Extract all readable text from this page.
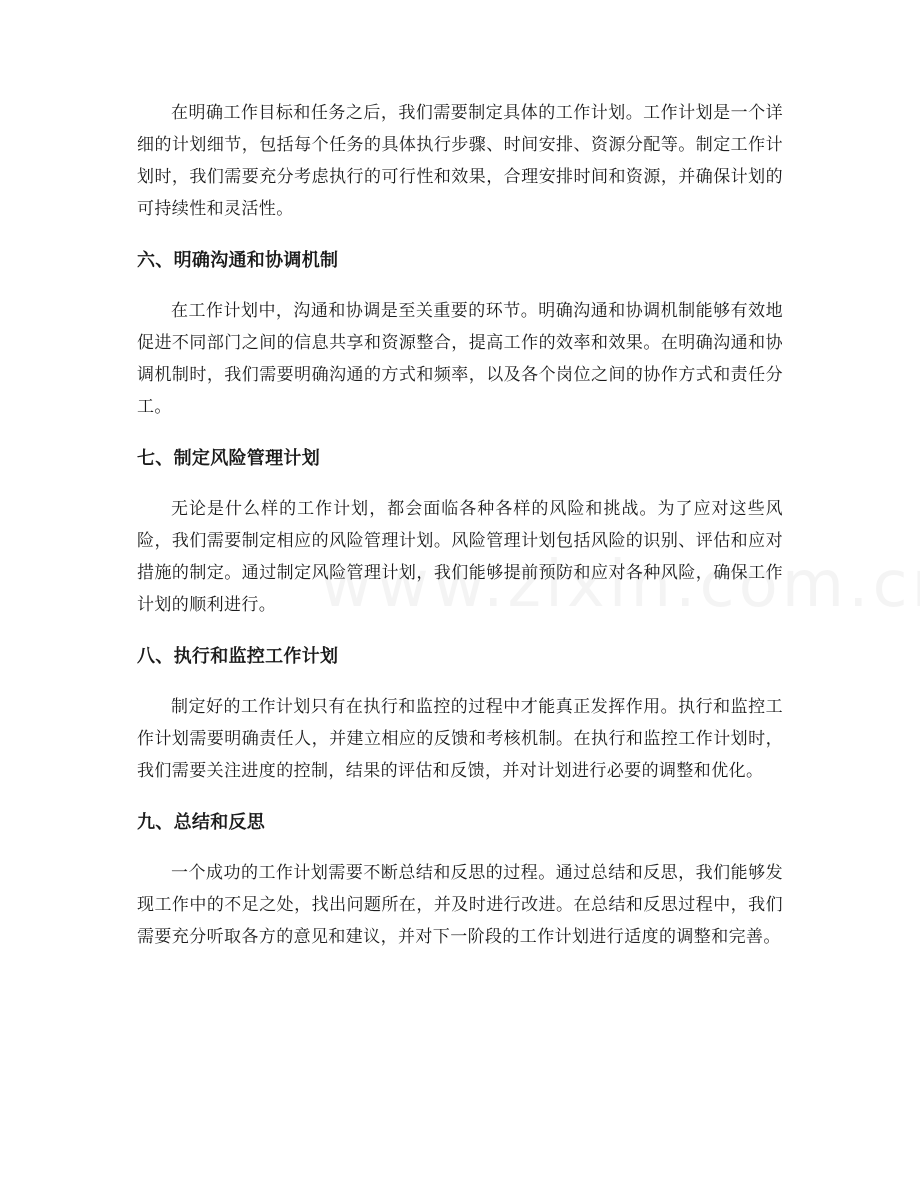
在明确工作目标和任务之后，我们需要制定具体的工作计划。工作计划是一个详细的计划细节，包括每个任务的具体执行步骤、时间安排、资源分配等。制定工作计划时，我们需要充分考虑执行的可行性和效果，合理安排时间和资源，并确保计划的可持续性和灵活性。

六、明确沟通和协调机制

在工作计划中，沟通和协调是至关重要的环节。明确沟通和协调机制能够有效地促进不同部门之间的信息共享和资源整合，提高工作的效率和效果。在明确沟通和协调机制时，我们需要明确沟通的方式和频率，以及各个岗位之间的协作方式和责任分工。

七、制定风险管理计划

无论是什么样的工作计划，都会面临各种各样的风险和挑战。为了应对这些风险，我们需要制定相应的风险管理计划。风险管理计划包括风险的识别、评估和应对措施的制定。通过制定风险管理计划，我们能够提前预防和应对各种风险，确保工作计划的顺利进行。

八、执行和监控工作计划

制定好的工作计划只有在执行和监控的过程中才能真正发挥作用。执行和监控工作计划需要明确责任人，并建立相应的反馈和考核机制。在执行和监控工作计划时，我们需要关注进度的控制，结果的评估和反馈，并对计划进行必要的调整和优化。

九、总结和反思

一个成功的工作计划需要不断总结和反思的过程。通过总结和反思，我们能够发现工作中的不足之处，找出问题所在，并及时进行改进。在总结和反思过程中，我们需要充分听取各方的意见和建议，并对下一阶段的工作计划进行适度的调整和完善。
